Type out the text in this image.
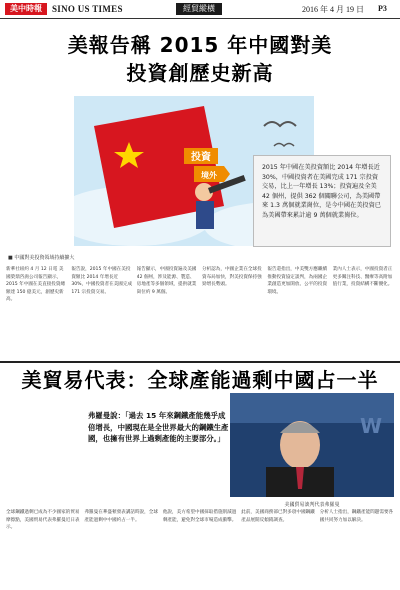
美中時報	SINO US TIMES	經貿縱橫	2016 年 4 月 19 日 P3
美報告稱 2015 年中國對美
投資創歷史新高
投資
境外
■ 中國對美投資領域持續擴大

2015 年中國在美投資額比 2014 年增長近 30%，中國投資者在美國完成 171 宗投資交易，比上一年增長 13%；投資遍及全美 42 個州，提供 362 個關聯公司，為美國帶來 1.3 萬個就業崗位，是今中國在美投資已為美國帶來累計逾 9 萬個就業崗位。

新華社紐約 4 月 12 日電 美國榮鼎咨詢公司報告顯示，2015 年中國在美直接投資總額達 150 億美元，創歷史新高。
報告說，2015 年中國在美投資額比 2014 年增長近 30%，中國投資者在美國完成 171 宗投資交易。
報告顯示，中國投資遍及美國 42 個州，涉及能源、製造、房地產等多個領域，提供就業崗位約 9 萬個。
分析認為，中國企業在全球投資布局加快，對美投資保持強勁增長勢頭。
報告還指出，中美雙方應繼續推動投資協定談判，為兩國企業創造更加開放、公平的投資環境。
業內人士表示，中國投資者正更多關注科技、醫療等高附加值行業，投資結構不斷優化。
美貿易代表：全球產能過剩中國占一半

弗羅曼說：「過去 15 年來鋼鐵產能幾乎成倍增長，中國現在是全世界最大的鋼鐵生產國，也擁有世界上過剩產能的主要部分。」

W
美國貿易談判代表弗羅曼
全球鋼鐵過剩已成為不少國家的貿易摩擦點，美國貿易代表弗羅曼近日表示。
弗羅曼在華盛頓發表講話時說，全球產能過剩中中國約占一半。
他說，美方希望中國採取措施削減過剩產能，避免對全球市場造成衝擊。
此前，美國商務部已對多項中國鋼鐵產品展開反傾銷調查。
分析人士指出，鋼鐵產能問題需要各國共同努力加以解決。
